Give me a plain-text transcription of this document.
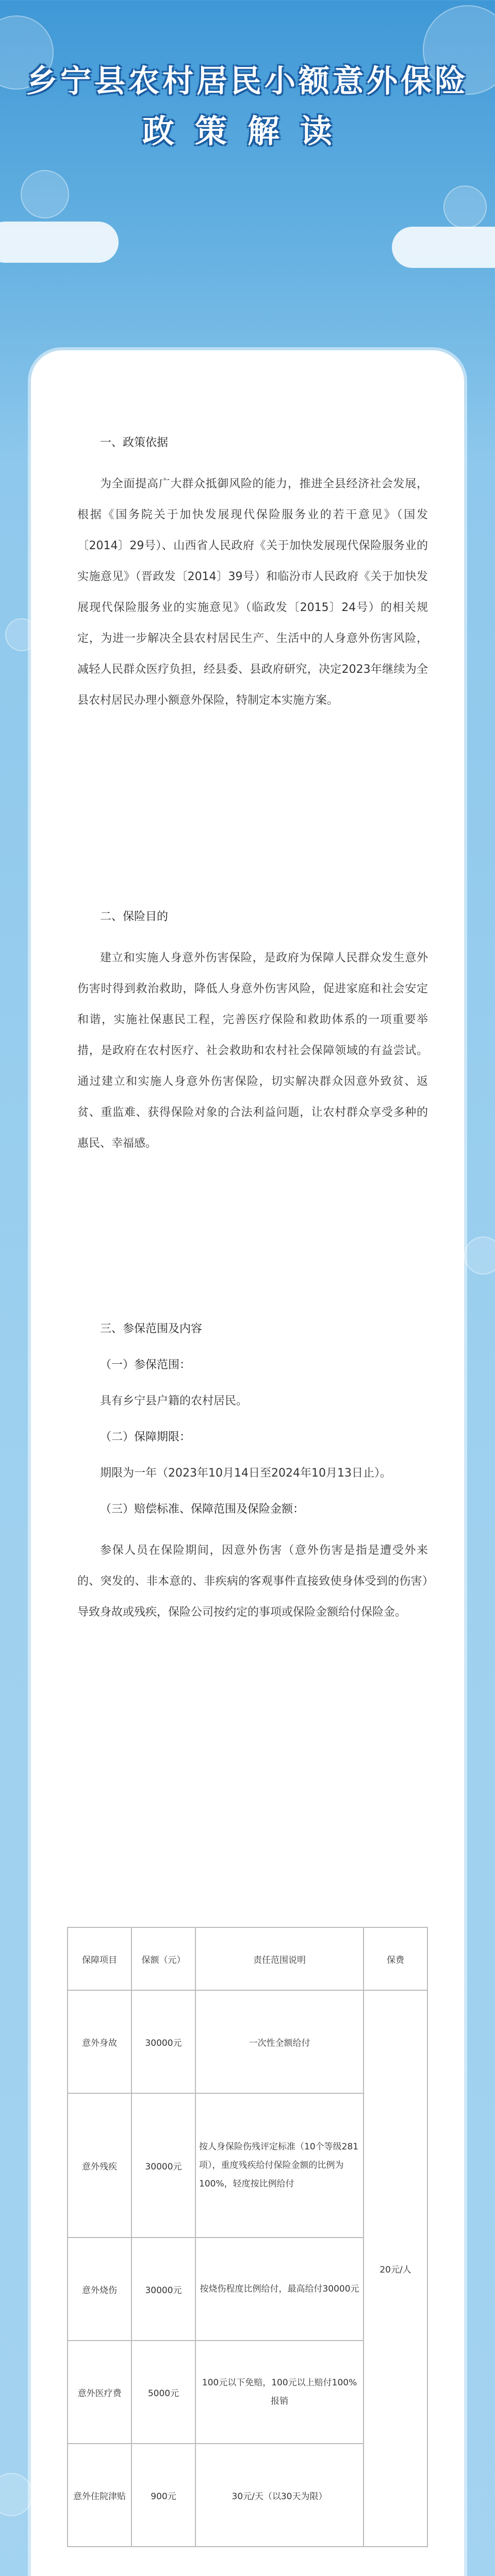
乡宁县农村居民小额意外保险
政策解读

一、政策依据

为全面提高广大群众抵御风险的能力，推进全县经济社会发展，根据《国务院关于加快发展现代保险服务业的若干意见》（国发〔2014〕29号）、山西省人民政府《关于加快发展现代保险服务业的实施意见》（晋政发〔2014〕39号）和临汾市人民政府《关于加快发展现代保险服务业的实施意见》（临政发〔2015〕24号）的相关规定，为进一步解决全县农村居民生产、生活中的人身意外伤害风险，减轻人民群众医疗负担，经县委、县政府研究，决定2023年继续为全县农村居民办理小额意外保险，特制定本实施方案。

二、保险目的

建立和实施人身意外伤害保险，是政府为保障人民群众发生意外伤害时得到救治救助，降低人身意外伤害风险，促进家庭和社会安定和谐，实施社保惠民工程，完善医疗保险和救助体系的一项重要举措，是政府在农村医疗、社会救助和农村社会保障领域的有益尝试。通过建立和实施人身意外伤害保险，切实解决群众因意外致贫、返贫、重监难、获得保险对象的合法利益问题，让农村群众享受多种的惠民、幸福感。

三、参保范围及内容

（一）参保范围：

具有乡宁县户籍的农村居民。

（二）保障期限：

期限为一年（2023年10月14日至2024年10月13日止）。

（三）赔偿标准、保障范围及保险金额：

参保人员在保险期间，因意外伤害（意外伤害是指是遭受外来的、突发的、非本意的、非疾病的客观事件直接致使身体受到的伤害）导致身故或残疾，保险公司按约定的事项或保险金额给付保险金。

保障项目	保额（元）	责任范围说明	保费
意外身故	30000元	一次性全额给付	20元/人
意外残疾	30000元	按人身保险伤残评定标准（10个等级281项），重度残疾给付保险金额的比例为100%，轻度按比例给付	
意外烧伤	30000元	按烧伤程度比例给付，最高给付30000元	
意外医疗费	5000元	100元以下免赔，100元以上赔付100%报销	
意外住院津贴	900元	30元/天（以30天为限）	
